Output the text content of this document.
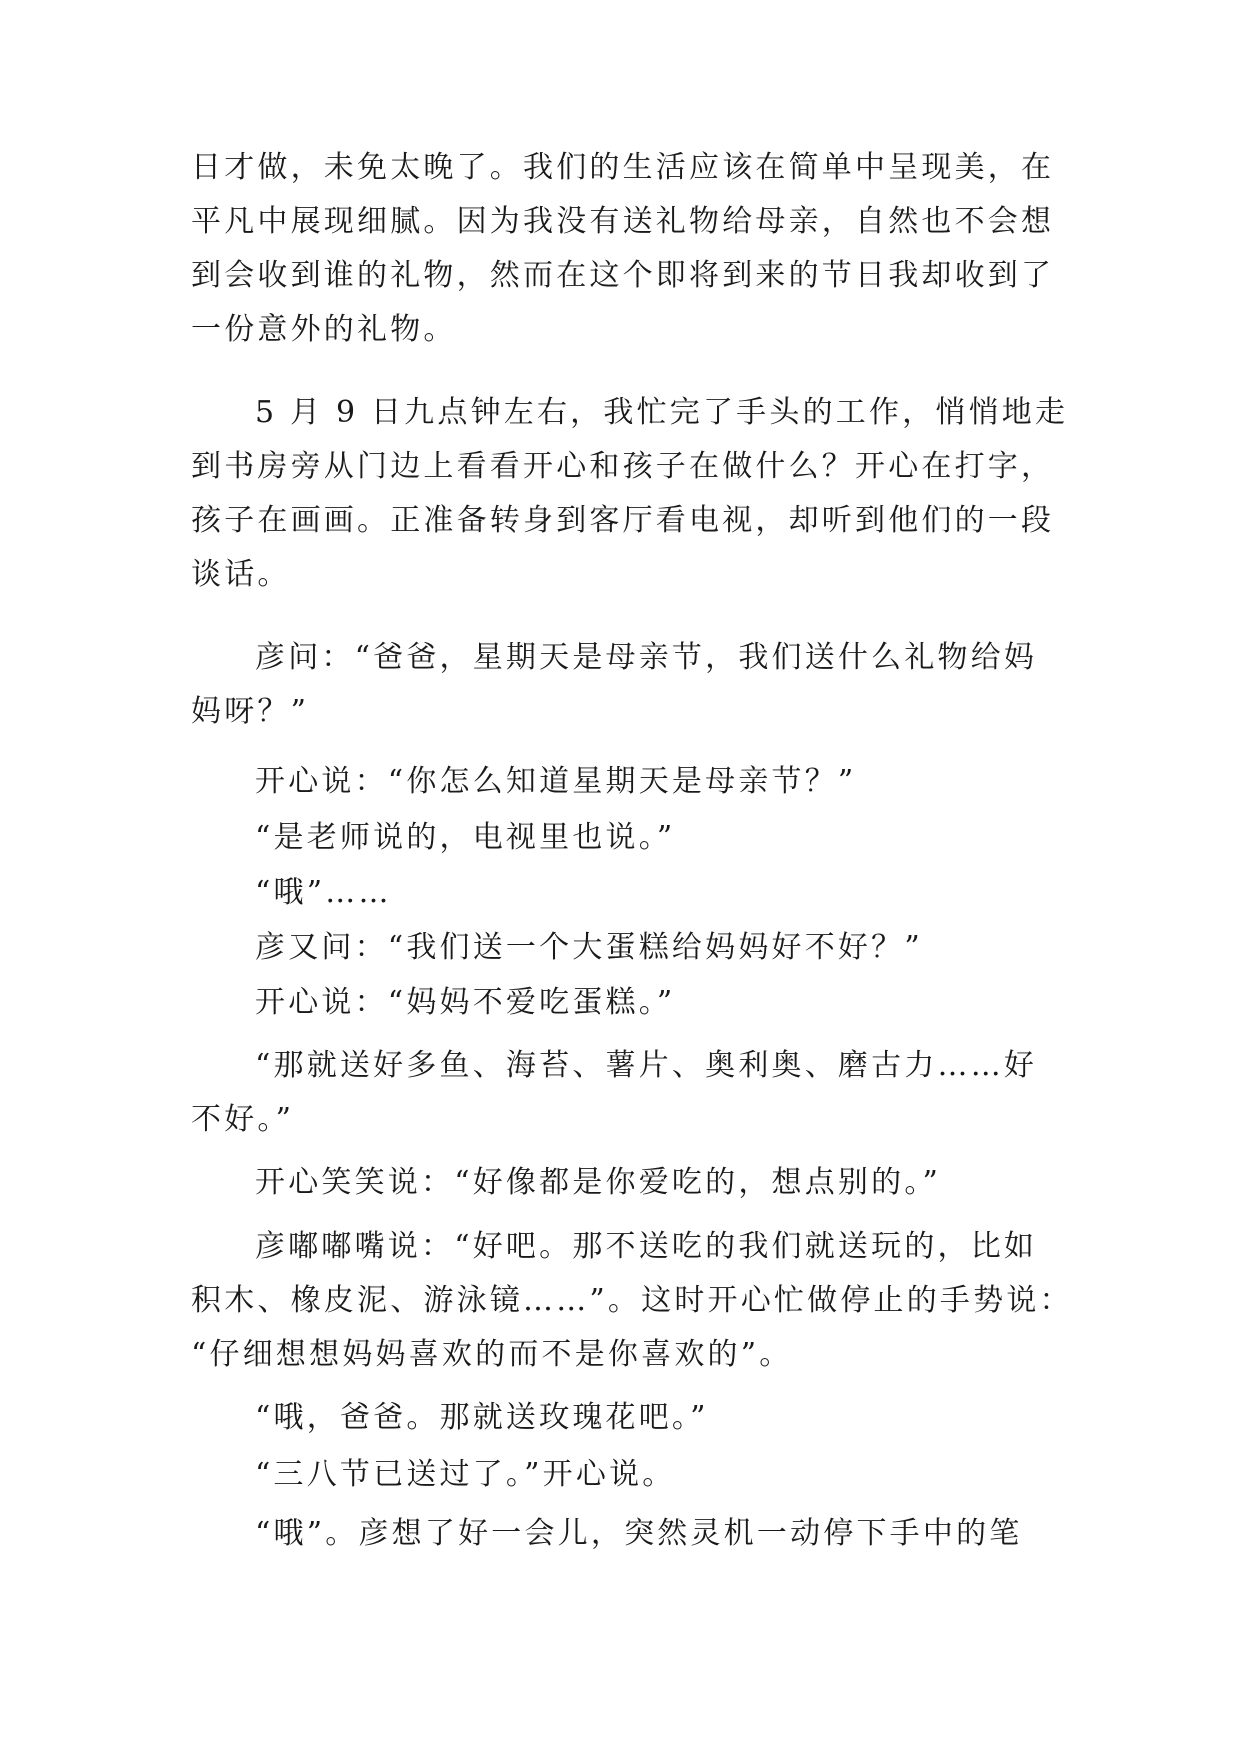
日才做，未免太晚了。我们的生活应该在简单中呈现美，在
平凡中展现细腻。因为我没有送礼物给母亲，自然也不会想
到会收到谁的礼物，然而在这个即将到来的节日我却收到了
一份意外的礼物。
5 月 9 日九点钟左右，我忙完了手头的工作，悄悄地走
到书房旁从门边上看看开心和孩子在做什么？开心在打字，
孩子在画画。正准备转身到客厅看电视，却听到他们的一段
谈话。
彦问：“爸爸，星期天是母亲节，我们送什么礼物给妈
妈呀？”
开心说：“你怎么知道星期天是母亲节？”
“是老师说的，电视里也说。”
“哦”……
彦又问：“我们送一个大蛋糕给妈妈好不好？”
开心说：“妈妈不爱吃蛋糕。”
“那就送好多鱼、海苔、薯片、奥利奥、磨古力……好
不好。”
开心笑笑说：“好像都是你爱吃的，想点别的。”
彦嘟嘟嘴说：“好吧。那不送吃的我们就送玩的，比如
积木、橡皮泥、游泳镜……”。这时开心忙做停止的手势说：
“仔细想想妈妈喜欢的而不是你喜欢的”。
“哦，爸爸。那就送玫瑰花吧。”
“三八节已送过了。”开心说。
“哦”。彦想了好一会儿，突然灵机一动停下手中的笔
